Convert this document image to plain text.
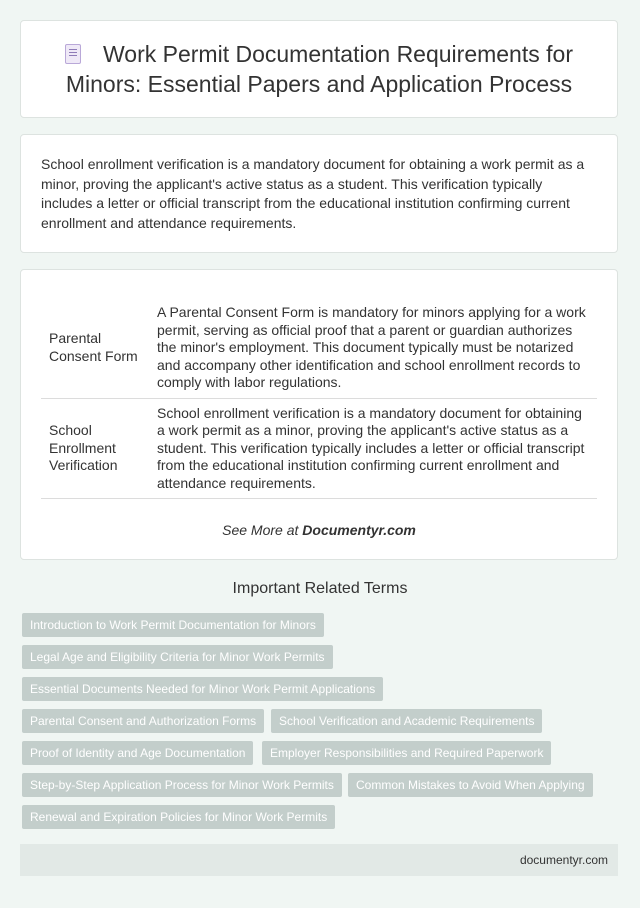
Work Permit Documentation Requirements for Minors: Essential Papers and Application Process

School enrollment verification is a mandatory document for obtaining a work permit as a minor, proving the applicant's active status as a student. This verification typically includes a letter or official transcript from the educational institution confirming current enrollment and attendance requirements.

Parental Consent Form	A Parental Consent Form is mandatory for minors applying for a work permit, serving as official proof that a parent or guardian authorizes the minor's employment. This document typically must be notarized and accompany other identification and school enrollment records to comply with labor regulations.
School Enrollment Verification	School enrollment verification is a mandatory document for obtaining a work permit as a minor, proving the applicant's active status as a student. This verification typically includes a letter or official transcript from the educational institution confirming current enrollment and attendance requirements.
See More at Documentyr.com
Important Related Terms
Introduction to Work Permit Documentation for Minors
Legal Age and Eligibility Criteria for Minor Work Permits
Essential Documents Needed for Minor Work Permit Applications
Parental Consent and Authorization Forms	School Verification and Academic Requirements
Proof of Identity and Age Documentation	Employer Responsibilities and Required Paperwork
Step-by-Step Application Process for Minor Work Permits	Common Mistakes to Avoid When Applying
Renewal and Expiration Policies for Minor Work Permits
documentyr.com
